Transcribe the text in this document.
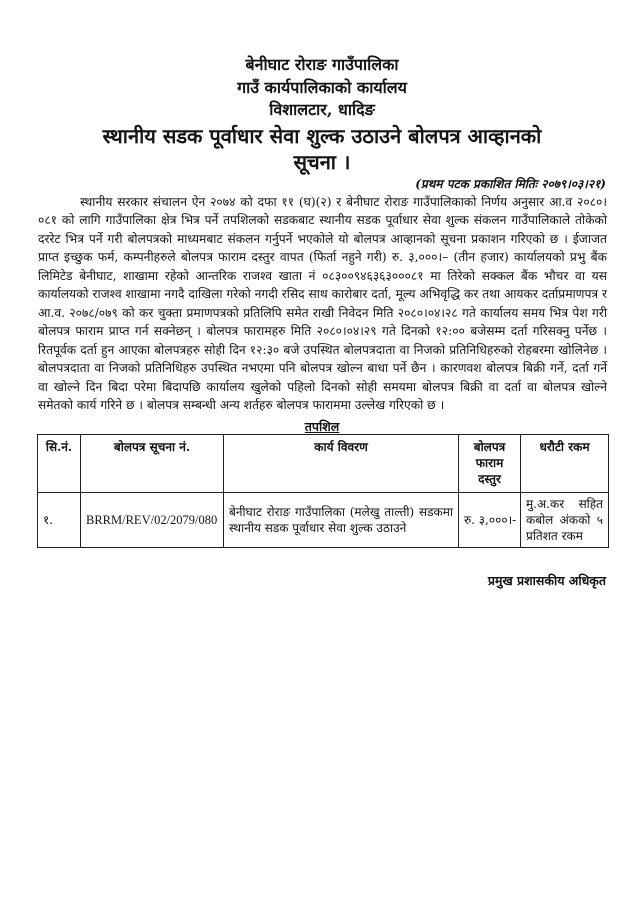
बेनीघाट रोराङ गाउँपालिका
गाउँ कार्यपालिकाको कार्यालय
विशालटार, धादिङ
स्थानीय सडक पूर्वाधार सेवा शुल्क उठाउने बोलपत्र आव्हानको
सूचना ।
(प्रथम पटक प्रकाशित मितिः २०७९।०३।२१)

स्थानीय सरकार संचालन ऐन २०७४ को दफा ११ (घ)(२) र बेनीघाट रोराङ गाउँपालिकाको निर्णय अनुसार आ.व २०८०।०८१ को लागि गाउँपालिका क्षेत्र भित्र पर्ने तपशिलको सडकबाट स्थानीय सडक पूर्वाधार सेवा शुल्क संकलन गाउँपालिकाले तोकेको दररेट भित्र पर्ने गरी बोलपत्रको माध्यमबाट संकलन गर्नुपर्ने भएकोले यो बोलपत्र आव्हानको सूचना प्रकाशन गरिएको छ । ईजाजत प्राप्त इच्छुक फर्म, कम्पनीहरुले बोलपत्र फाराम दस्तुर वापत (फिर्ता नहुने गरी) रु. ३,०००।– (तीन हजार) कार्यालयको प्रभु बैंक लिमिटेड बेनीघाट, शाखामा रहेको आन्तरिक राजश्व खाता नं ०८३००९४६३६३०००८१ मा तिरेको सक्कल बैंक भौचर वा यस कार्यालयको राजश्व शाखामा नगदै दाखिला गरेको नगदी रसिद साथ कारोबार दर्ता, मूल्य अभिवृद्धि कर तथा आयकर दर्ताप्रमाणपत्र र आ.व. २०७८/०७९ को कर चुक्ता प्रमाणपत्रको प्रतिलिपि समेत राखी निवेदन मिति २०८०।०४।२८ गते कार्यालय समय भित्र पेश गरी बोलपत्र फाराम प्राप्त गर्न सक्नेछन् । बोलपत्र फारामहरु मिति २०८०।०४।२९ गते दिनको १२:०० बजेसम्म दर्ता गरिसक्नु पर्नेछ । रितपूर्वक दर्ता हुन आएका बोलपत्रहरु सोही दिन १२:३० बजे उपस्थित बोलपत्रदाता वा निजको प्रतिनिधिहरुको रोहबरमा खोलिनेछ । बोलपत्रदाता वा निजको प्रतिनिधिहरु उपस्थित नभएमा पनि बोलपत्र खोल्न बाधा पर्ने छैन । कारणवश बोलपत्र बिक्री गर्ने, दर्ता गर्ने वा खोल्ने दिन बिदा परेमा बिदापछि कार्यालय खुलेको पहिलो दिनको सोही समयमा बोलपत्र बिक्री वा दर्ता वा बोलपत्र खोल्ने समेतको कार्य गरिने छ । बोलपत्र सम्बन्धी अन्य शर्तहरु बोलपत्र फाराममा उल्लेख गरिएको छ ।

तपशिल
सि.नं.	बोलपत्र सूचना नं.	कार्य विवरण	बोलपत्र फाराम दस्तुर	धरौटी रकम
१.	BRRM/REV/02/2079/080	बेनीघाट रोराङ गाउँपालिका (मलेखु ताल्ती) सडकमा स्थानीय सडक पूर्वाधार सेवा शुल्क उठाउने	रु. ३,०००।-	मु.अ.कर सहित कबोल अंकको ५ प्रतिशत रकम
प्रमुख प्रशासकीय अधिकृत
